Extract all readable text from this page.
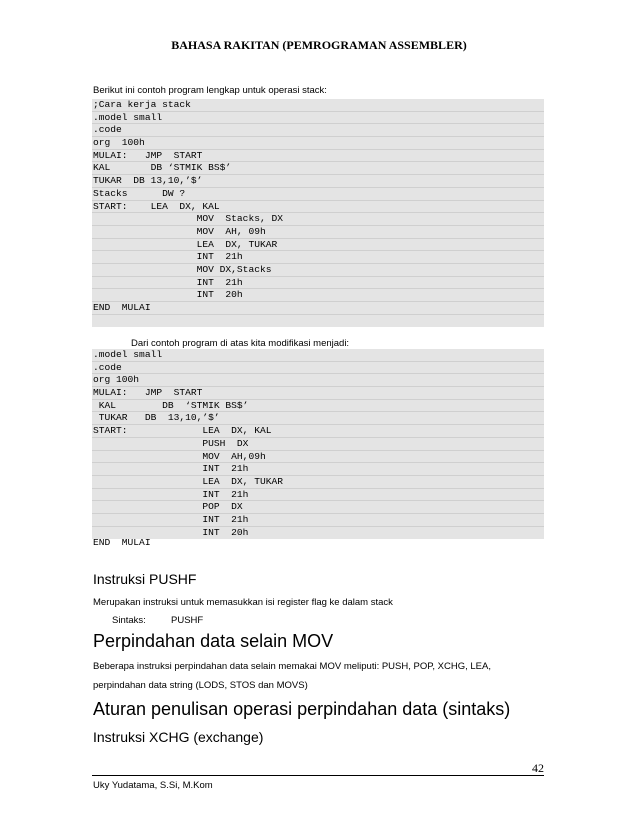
BAHASA RAKITAN (PEMROGRAMAN ASSEMBLER)
Berikut ini contoh program lengkap untuk operasi stack:
;Cara kerja stack
.model small
.code
org  100h
MULAI:   JMP  START
KAL       DB ‘STMIK BS$’
TUKAR  DB 13,10,’$’
Stacks      DW ?
START:    LEA  DX, KAL
MOV  Stacks, DX
MOV  AH, 09h
LEA  DX, TUKAR
INT  21h
MOV DX,Stacks
INT  21h
INT  20h
END  MULAI
Dari contoh program di atas kita modifikasi menjadi:
.model small
.code
org 100h
MULAI:   JMP  START
KAL        DB  ‘STMIK BS$’
TUKAR   DB  13,10,’$’
START:             LEA  DX, KAL
PUSH  DX
MOV  AH,09h
INT  21h
LEA  DX, TUKAR
INT  21h
POP  DX
INT  21h
INT  20h
END  MULAI
Instruksi PUSHF
Merupakan instruksi untuk memasukkan isi register flag ke dalam stack
Sintaks:	PUSHF
Perpindahan data selain MOV
Beberapa instruksi perpindahan data selain memakai MOV meliputi: PUSH, POP, XCHG, LEA,
perpindahan data string (LODS, STOS dan MOVS)
Aturan penulisan operasi perpindahan data (sintaks)
Instruksi XCHG (exchange)
42
Uky Yudatama, S.Si, M.Kom
